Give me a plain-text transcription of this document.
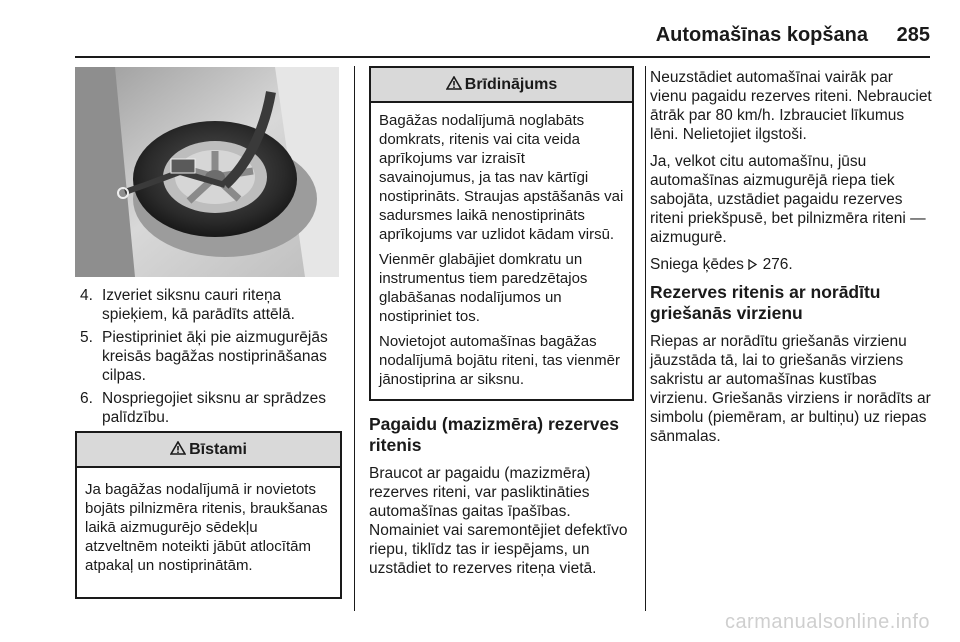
Automašīnas kopšana 285
4. Izveriet siksnu cauri riteņa spieķiem, kā parādīts attēlā.
5. Piestipriniet āķi pie aizmugurējās kreisās bagāžas nostiprināšanas cilpas.
6. Nospriegojiet siksnu ar sprādzes palīdzību.
Bīstami

Ja bagāžas nodalījumā ir novietots bojāts pilnizmēra ritenis, braukšanas laikā aizmugurējo sēdekļu atzveltnēm noteikti jābūt atlocītām atpakaļ un nostiprinātām.

Brīdinājums

Bagāžas nodalījumā noglabāts domkrats, ritenis vai cita veida aprīkojums var izraisīt savainojumus, ja tas nav kārtīgi nostiprināts. Straujas apstāšanās vai sadursmes laikā nenostiprināts aprīkojums var uzlidot kādam virsū.

Vienmēr glabājiet domkratu un instrumentus tiem paredzētajos glabāšanas nodalījumos un nostipriniet tos.

Novietojot automašīnas bagāžas nodalījumā bojātu riteni, tas vienmēr jānostiprina ar siksnu.

Pagaidu (mazizmēra) rezerves ritenis

Braucot ar pagaidu (mazizmēra) rezerves riteni, var pasliktināties automašīnas gaitas īpašības. Nomainiet vai saremontējiet defektīvo riepu, tiklīdz tas ir iespējams, un uzstādiet to rezerves riteņa vietā.

Neuzstādiet automašīnai vairāk par vienu pagaidu rezerves riteni. Nebrauciet ātrāk par 80 km/h. Izbrauciet līkumus lēni. Nelietojiet ilgstoši.

Ja, velkot citu automašīnu, jūsu automašīnas aizmugurējā riepa tiek sabojāta, uzstādiet pagaidu rezerves riteni priekšpusē, bet pilnizmēra riteni — aizmugurē.

Sniega ķēdes 276.

Rezerves ritenis ar norādītu griešanās virzienu

Riepas ar norādītu griešanās virzienu jāuzstāda tā, lai to griešanās virziens sakristu ar automašīnas kustības virzienu. Griešanās virziens ir norādīts ar simbolu (piemēram, ar bultiņu) uz riepas sānmalas.

carmanualsonline.info
